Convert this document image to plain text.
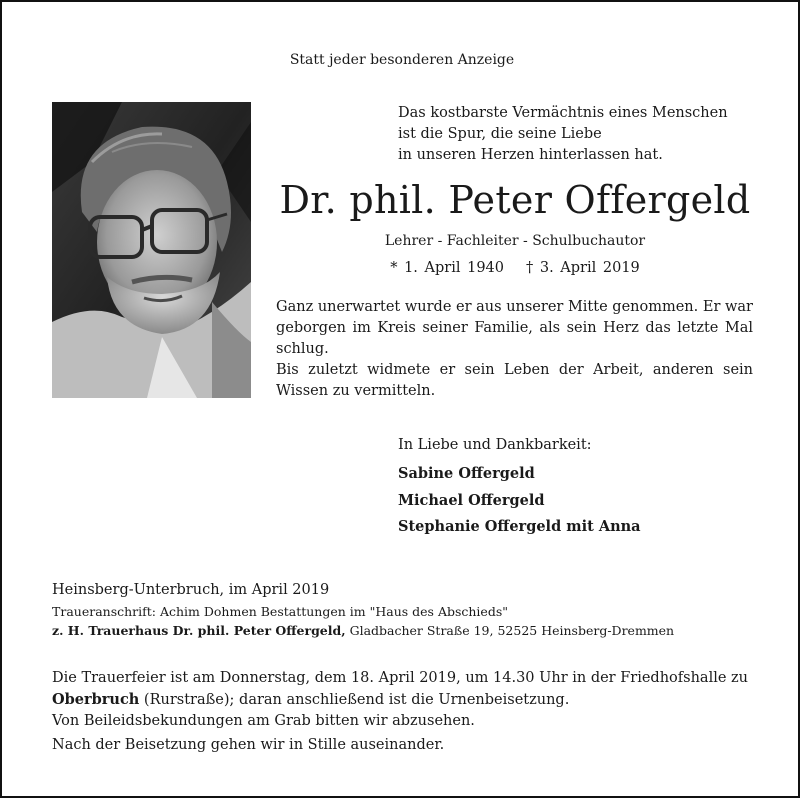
Statt jeder besonderen Anzeige
Das kostbarste Vermächtnis eines Menschen
ist die Spur, die seine Liebe
in unseren Herzen hinterlassen hat.
Dr. phil. Peter Offergeld
Lehrer - Fachleiter - Schulbuchautor
* 1. April 1940 † 3. April 2019
Ganz unerwartet wurde er aus unserer Mitte genommen. Er war geborgen im Kreis seiner Familie, als sein Herz das letzte Mal schlug.
Bis zuletzt widmete er sein Leben der Arbeit, anderen sein Wissen zu vermitteln.
In Liebe und Dankbarkeit:
Sabine Offergeld
Michael Offergeld
Stephanie Offergeld mit Anna
Heinsberg-Unterbruch, im April 2019
Traueranschrift: Achim Dohmen Bestattungen im "Haus des Abschieds"
z. H. Trauerhaus Dr. phil. Peter Offergeld, Gladbacher Straße 19, 52525 Heinsberg-Dremmen
Die Trauerfeier ist am Donnerstag, dem 18. April 2019, um 14.30 Uhr in der Friedhofshalle zu Oberbruch (Rurstraße); daran anschließend ist die Urnenbeisetzung.
Von Beileidsbekundungen am Grab bitten wir abzusehen.
Nach der Beisetzung gehen wir in Stille auseinander.
